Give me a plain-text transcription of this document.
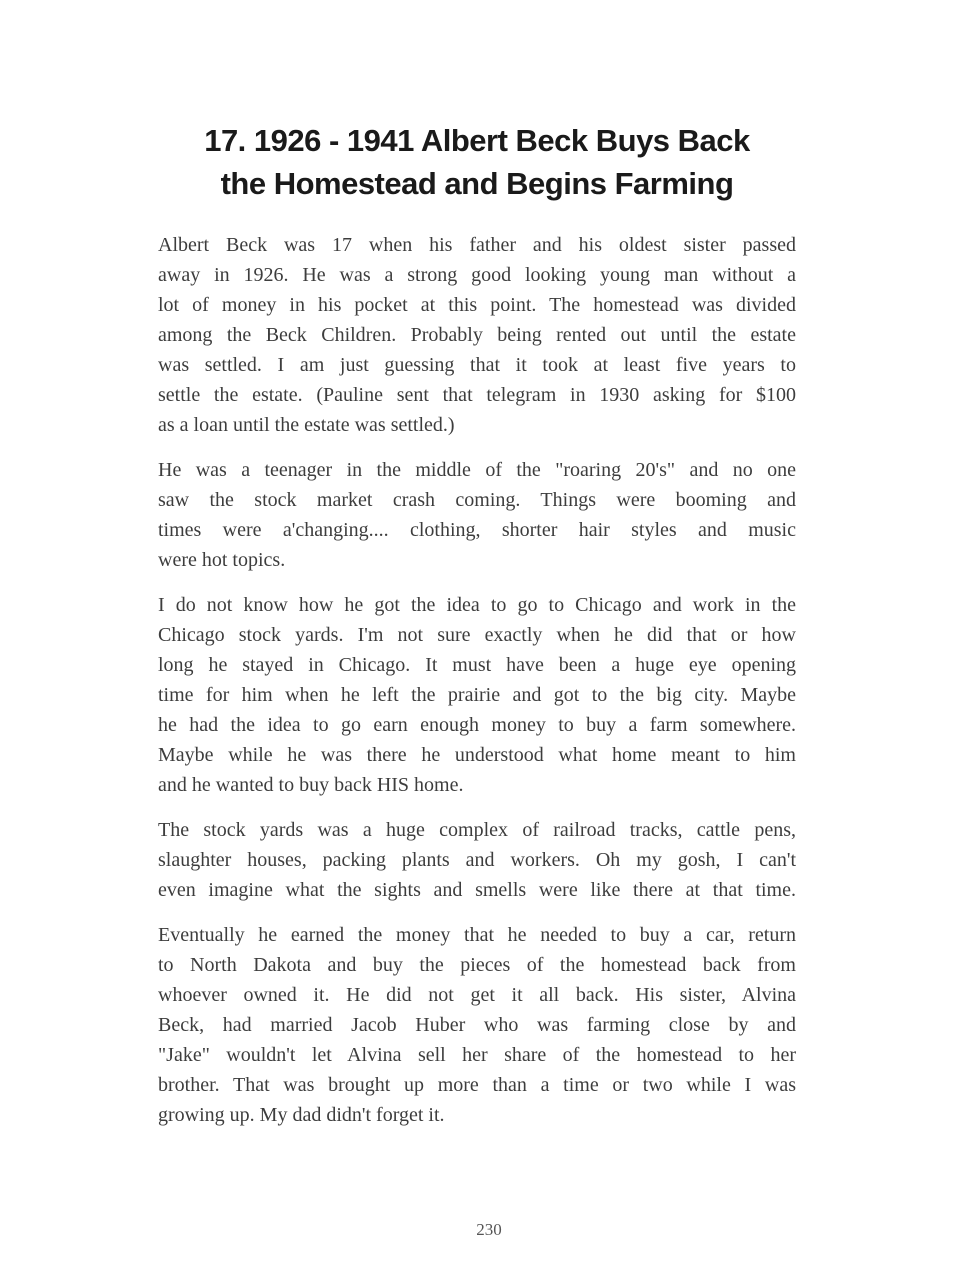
17. 1926 - 1941 Albert Beck Buys Back
the Homestead and Begins Farming
Albert Beck was 17 when his father and his oldest sister passed
away in 1926. He was a strong good looking young man without a
lot of money in his pocket at this point. The homestead was divided
among the Beck Children. Probably being rented out until the estate
was settled. I am just guessing that it took at least five years to
settle the estate. (Pauline sent that telegram in 1930 asking for $100
as a loan until the estate was settled.)
He was a teenager in the middle of the "roaring 20's" and no one
saw the stock market crash coming. Things were booming and
times were a'changing.... clothing, shorter hair styles and music
were hot topics.
I do not know how he got the idea to go to Chicago and work in the
Chicago stock yards. I'm not sure exactly when he did that or how
long he stayed in Chicago. It must have been a huge eye opening
time for him when he left the prairie and got to the big city. Maybe
he had the idea to go earn enough money to buy a farm somewhere.
Maybe while he was there he understood what home meant to him
and he wanted to buy back HIS home.
The stock yards was a huge complex of railroad tracks, cattle pens,
slaughter houses, packing plants and workers. Oh my gosh, I can't
even imagine what the sights and smells were like there at that time.
Eventually he earned the money that he needed to buy a car, return
to North Dakota and buy the pieces of the homestead back from
whoever owned it. He did not get it all back. His sister, Alvina
Beck, had married Jacob Huber who was farming close by and
"Jake" wouldn't let Alvina sell her share of the homestead to her
brother. That was brought up more than a time or two while I was
growing up. My dad didn't forget it.
230
